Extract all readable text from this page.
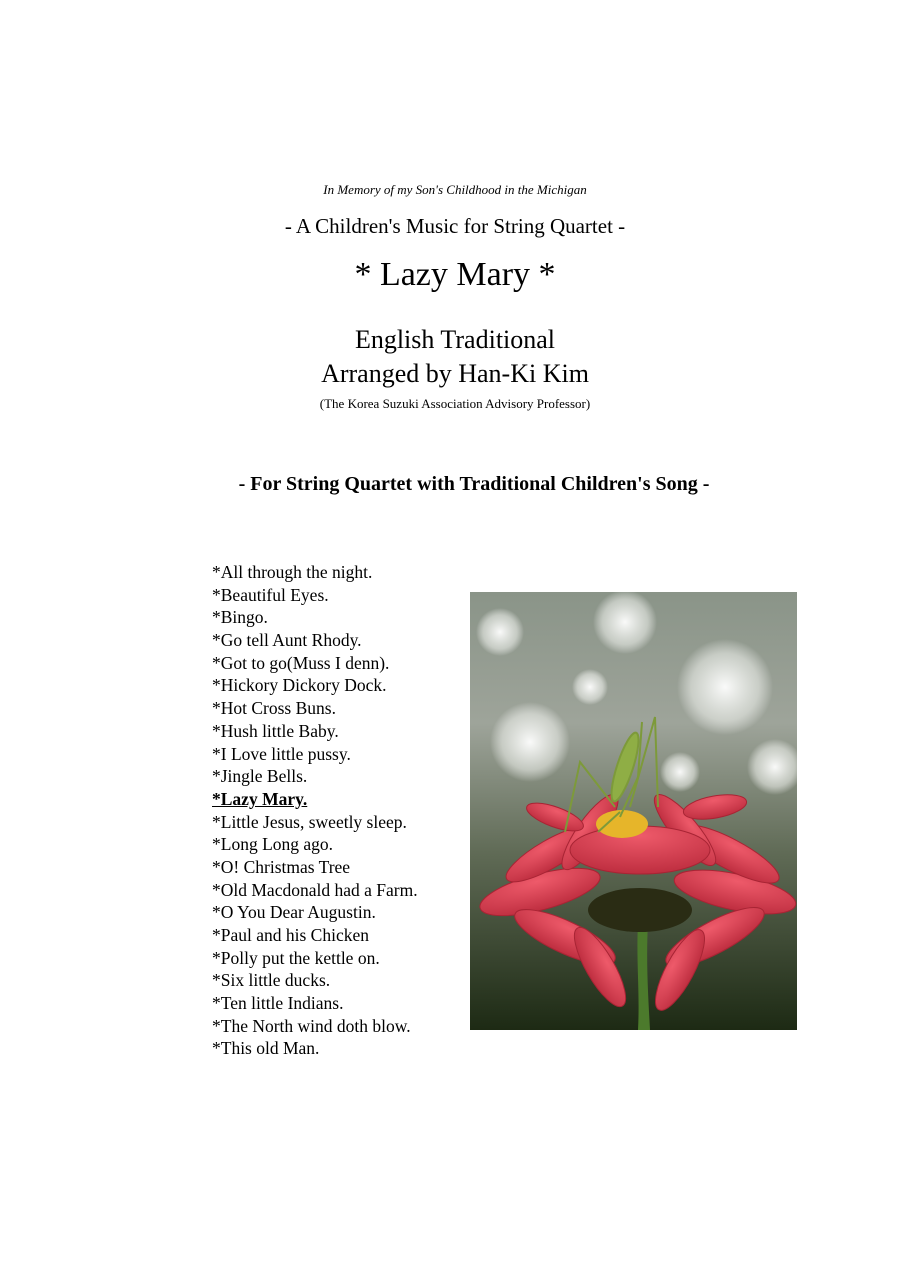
In Memory of my Son's Childhood in the Michigan
- A Children's Music for String Quartet -
* Lazy Mary *
English Traditional
Arranged by Han-Ki Kim
(The Korea Suzuki Association Advisory Professor)
- For String Quartet with Traditional Children's Song -
*All through the night.
*Beautiful Eyes.
*Bingo.
*Go tell Aunt Rhody.
*Got to go(Muss I denn).
*Hickory Dickory Dock.
*Hot Cross Buns.
*Hush little Baby.
*I Love little pussy.
*Jingle Bells.
*Lazy Mary.
*Little Jesus, sweetly sleep.
*Long Long ago.
*O! Christmas Tree
*Old Macdonald had a Farm.
*O You Dear Augustin.
*Paul and his Chicken
*Polly put the kettle on.
*Six little ducks.
*Ten little Indians.
*The North wind doth blow.
*This old Man.
